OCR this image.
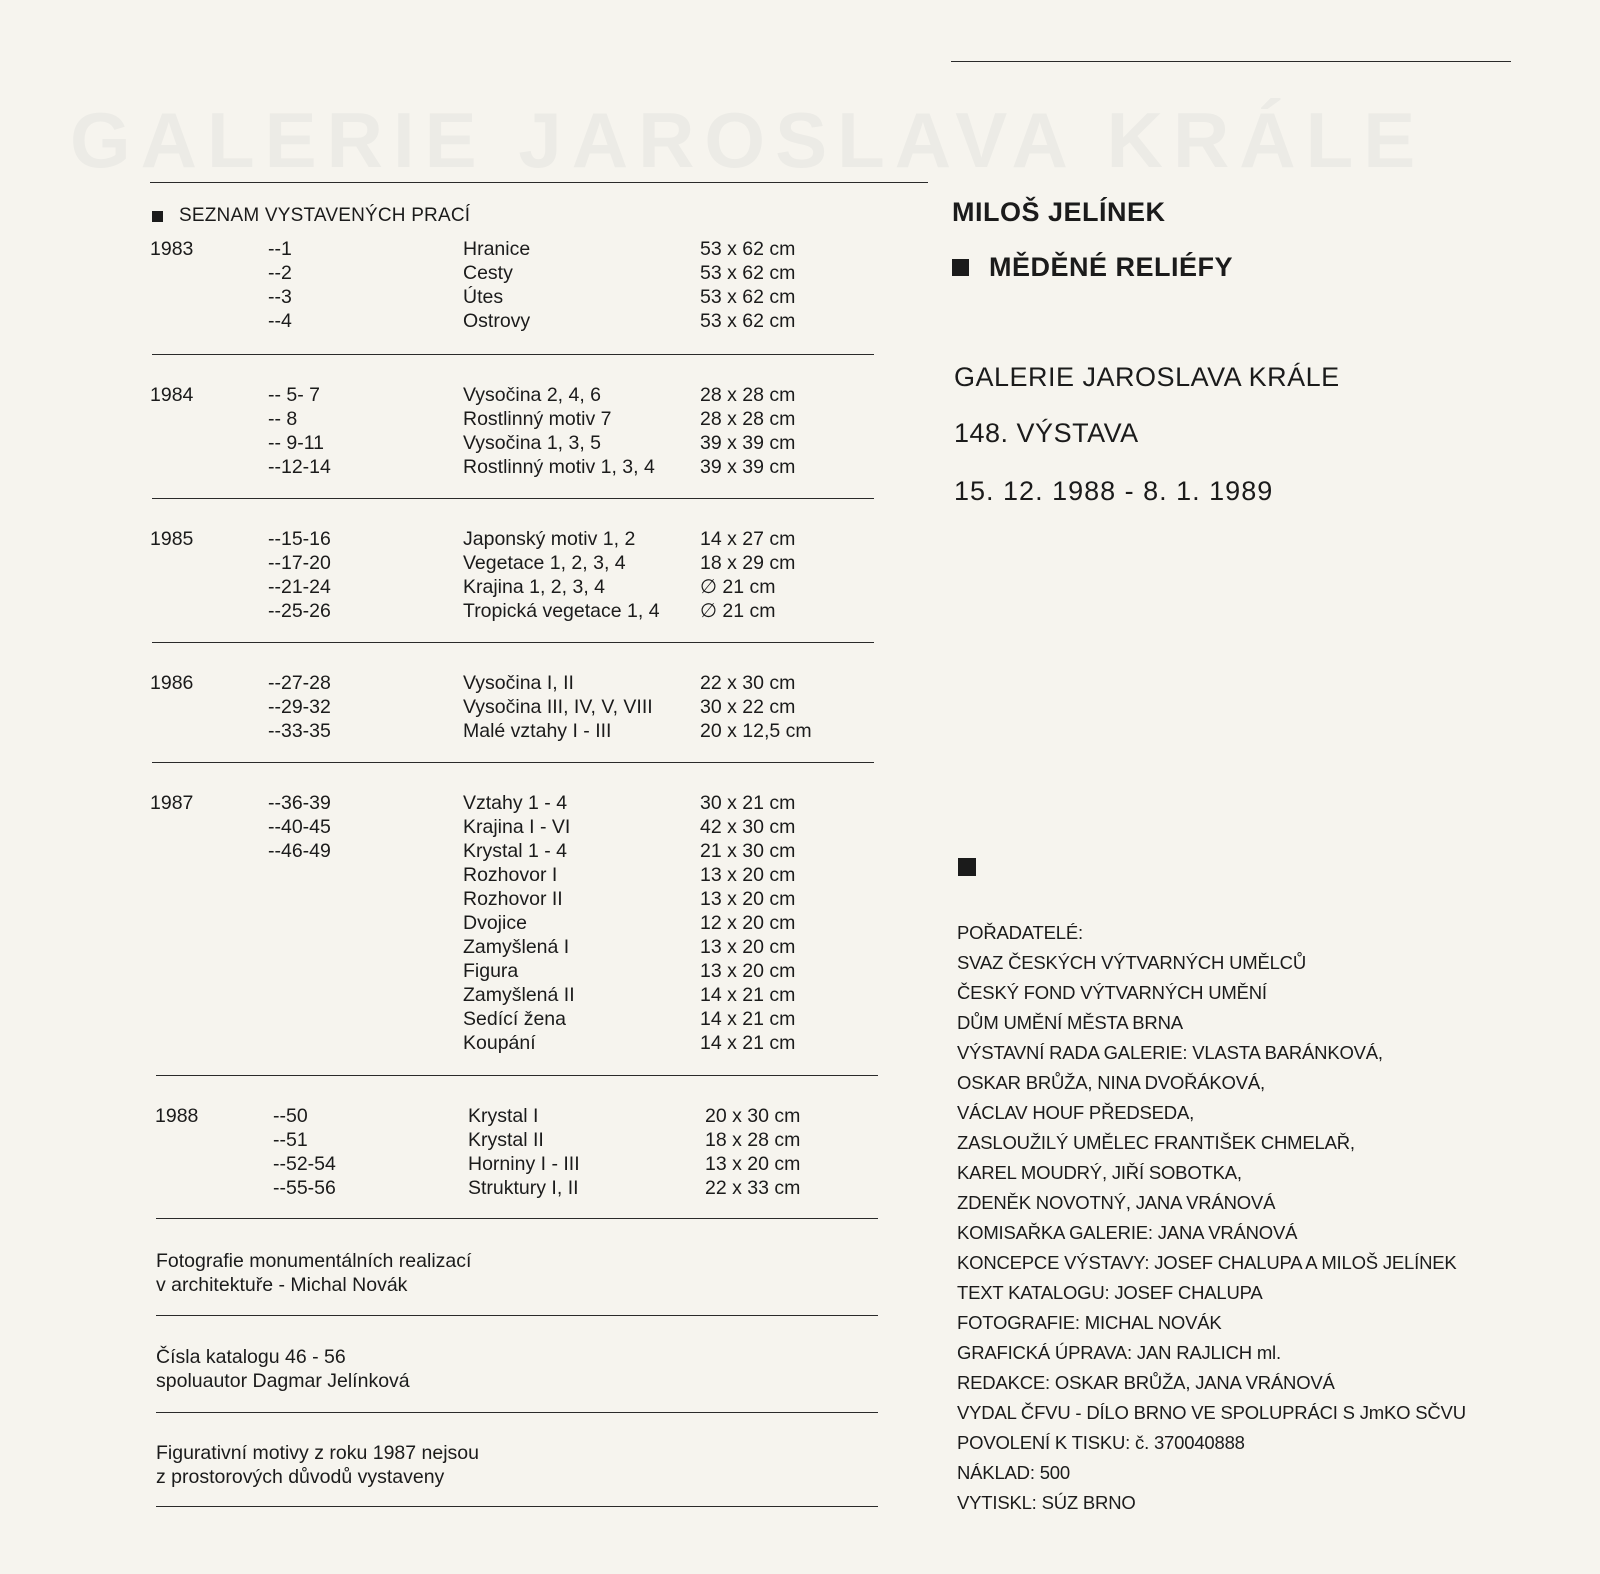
GALERIE JAROSLAVA KRÁLE
SEZNAM VYSTAVENÝCH PRACÍ
1983	--1	Hranice	53 x 62 cm
--2	Cesty	53 x 62 cm
--3	Útes	53 x 62 cm
--4	Ostrovy	53 x 62 cm
1984	-- 5- 7	Vysočina 2, 4, 6	28 x 28 cm
-- 8	Rostlinný motiv 7	28 x 28 cm
-- 9-11	Vysočina 1, 3, 5	39 x 39 cm
--12-14	Rostlinný motiv 1, 3, 4 39 x 39 cm
1985	--15-16	Japonský motiv 1, 2	14 x 27 cm
--17-20	Vegetace 1, 2, 3, 4	18 x 29 cm
--21-24	Krajina 1, 2, 3, 4	∅ 21 cm
--25-26	Tropická vegetace 1, 4 ∅ 21 cm
1986	--27-28	Vysočina I, II	22 x 30 cm
--29-32	Vysočina III, IV, V, VIII 30 x 22 cm
--33-35	Malé vztahy I - III	20 x 12,5 cm
1987	--36-39	Vztahy 1 - 4	30 x 21 cm
--40-45	Krajina I - VI	42 x 30 cm
--46-49	Krystal 1 - 4	21 x 30 cm
Rozhovor I	13 x 20 cm
Rozhovor II	13 x 20 cm
Dvojice	12 x 20 cm
Zamyšlená I	13 x 20 cm
Figura	13 x 20 cm
Zamyšlená II	14 x 21 cm
Sedící žena	14 x 21 cm
Koupání	14 x 21 cm
1988	--50	Krystal I	20 x 30 cm
--51	Krystal II	18 x 28 cm
--52-54	Horniny I - III	13 x 20 cm
--55-56	Struktury I, II	22 x 33 cm
Fotografie monumentálních realizací
v architektuře - Michal Novák
Čísla katalogu 46 - 56
spoluautor Dagmar Jelínková
Figurativní motivy z roku 1987 nejsou
z prostorových důvodů vystaveny
MILOŠ JELÍNEK
MĚDĚNÉ RELIÉFY
GALERIE JAROSLAVA KRÁLE
148. VÝSTAVA
15. 12. 1988 - 8. 1. 1989
POŘADATELÉ:
SVAZ ČESKÝCH VÝTVARNÝCH UMĚLCŮ
ČESKÝ FOND VÝTVARNÝCH UMĚNÍ
DŮM UMĚNÍ MĚSTA BRNA
VÝSTAVNÍ RADA GALERIE: VLASTA BARÁNKOVÁ,
OSKAR BRŮŽA, NINA DVOŘÁKOVÁ,
VÁCLAV HOUF PŘEDSEDA,
ZASLOUŽILÝ UMĚLEC FRANTIŠEK CHMELAŘ,
KAREL MOUDRÝ, JIŘÍ SOBOTKA,
ZDENĚK NOVOTNÝ, JANA VRÁNOVÁ
KOMISAŘKA GALERIE: JANA VRÁNOVÁ
KONCEPCE VÝSTAVY: JOSEF CHALUPA A MILOŠ JELÍNEK
TEXT KATALOGU: JOSEF CHALUPA
FOTOGRAFIE: MICHAL NOVÁK
GRAFICKÁ ÚPRAVA: JAN RAJLICH ml.
REDAKCE: OSKAR BRŮŽA, JANA VRÁNOVÁ
VYDAL ČFVU - DÍLO BRNO VE SPOLUPRÁCI S JmKO SČVU
POVOLENÍ K TISKU: č. 370040888
NÁKLAD: 500
VYTISKL: SÚZ BRNO
